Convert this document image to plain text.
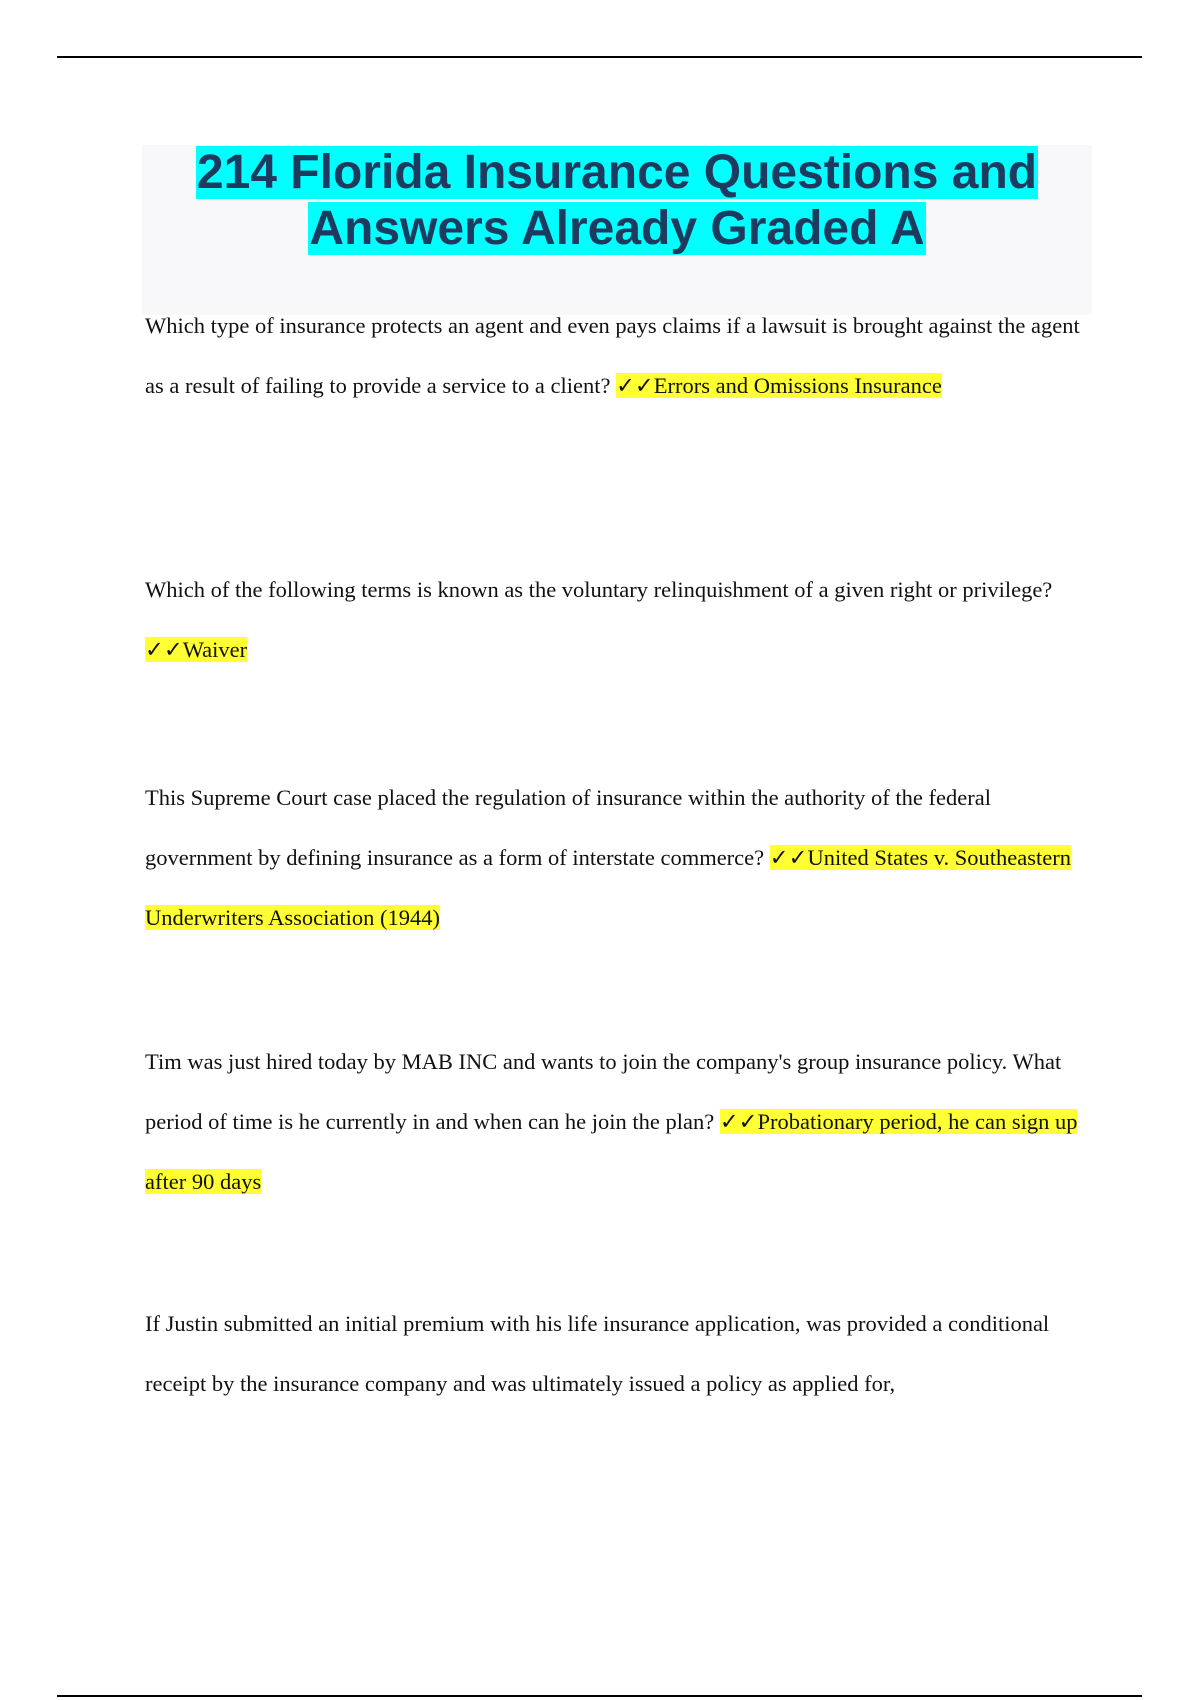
214 Florida Insurance Questions and
Answers Already Graded A
Which type of insurance protects an agent and even pays claims if a lawsuit is brought against the agent as a result of failing to provide a service to a client? ✓✓Errors and Omissions Insurance
Which of the following terms is known as the voluntary relinquishment of a given right or privilege? ✓✓Waiver
This Supreme Court case placed the regulation of insurance within the authority of the federal government by defining insurance as a form of interstate commerce? ✓✓United States v. Southeastern Underwriters Association (1944)
Tim was just hired today by MAB INC and wants to join the company's group insurance policy. What period of time is he currently in and when can he join the plan? ✓✓Probationary period, he can sign up after 90 days
If Justin submitted an initial premium with his life insurance application, was provided a conditional receipt by the insurance company and was ultimately issued a policy as applied for,
